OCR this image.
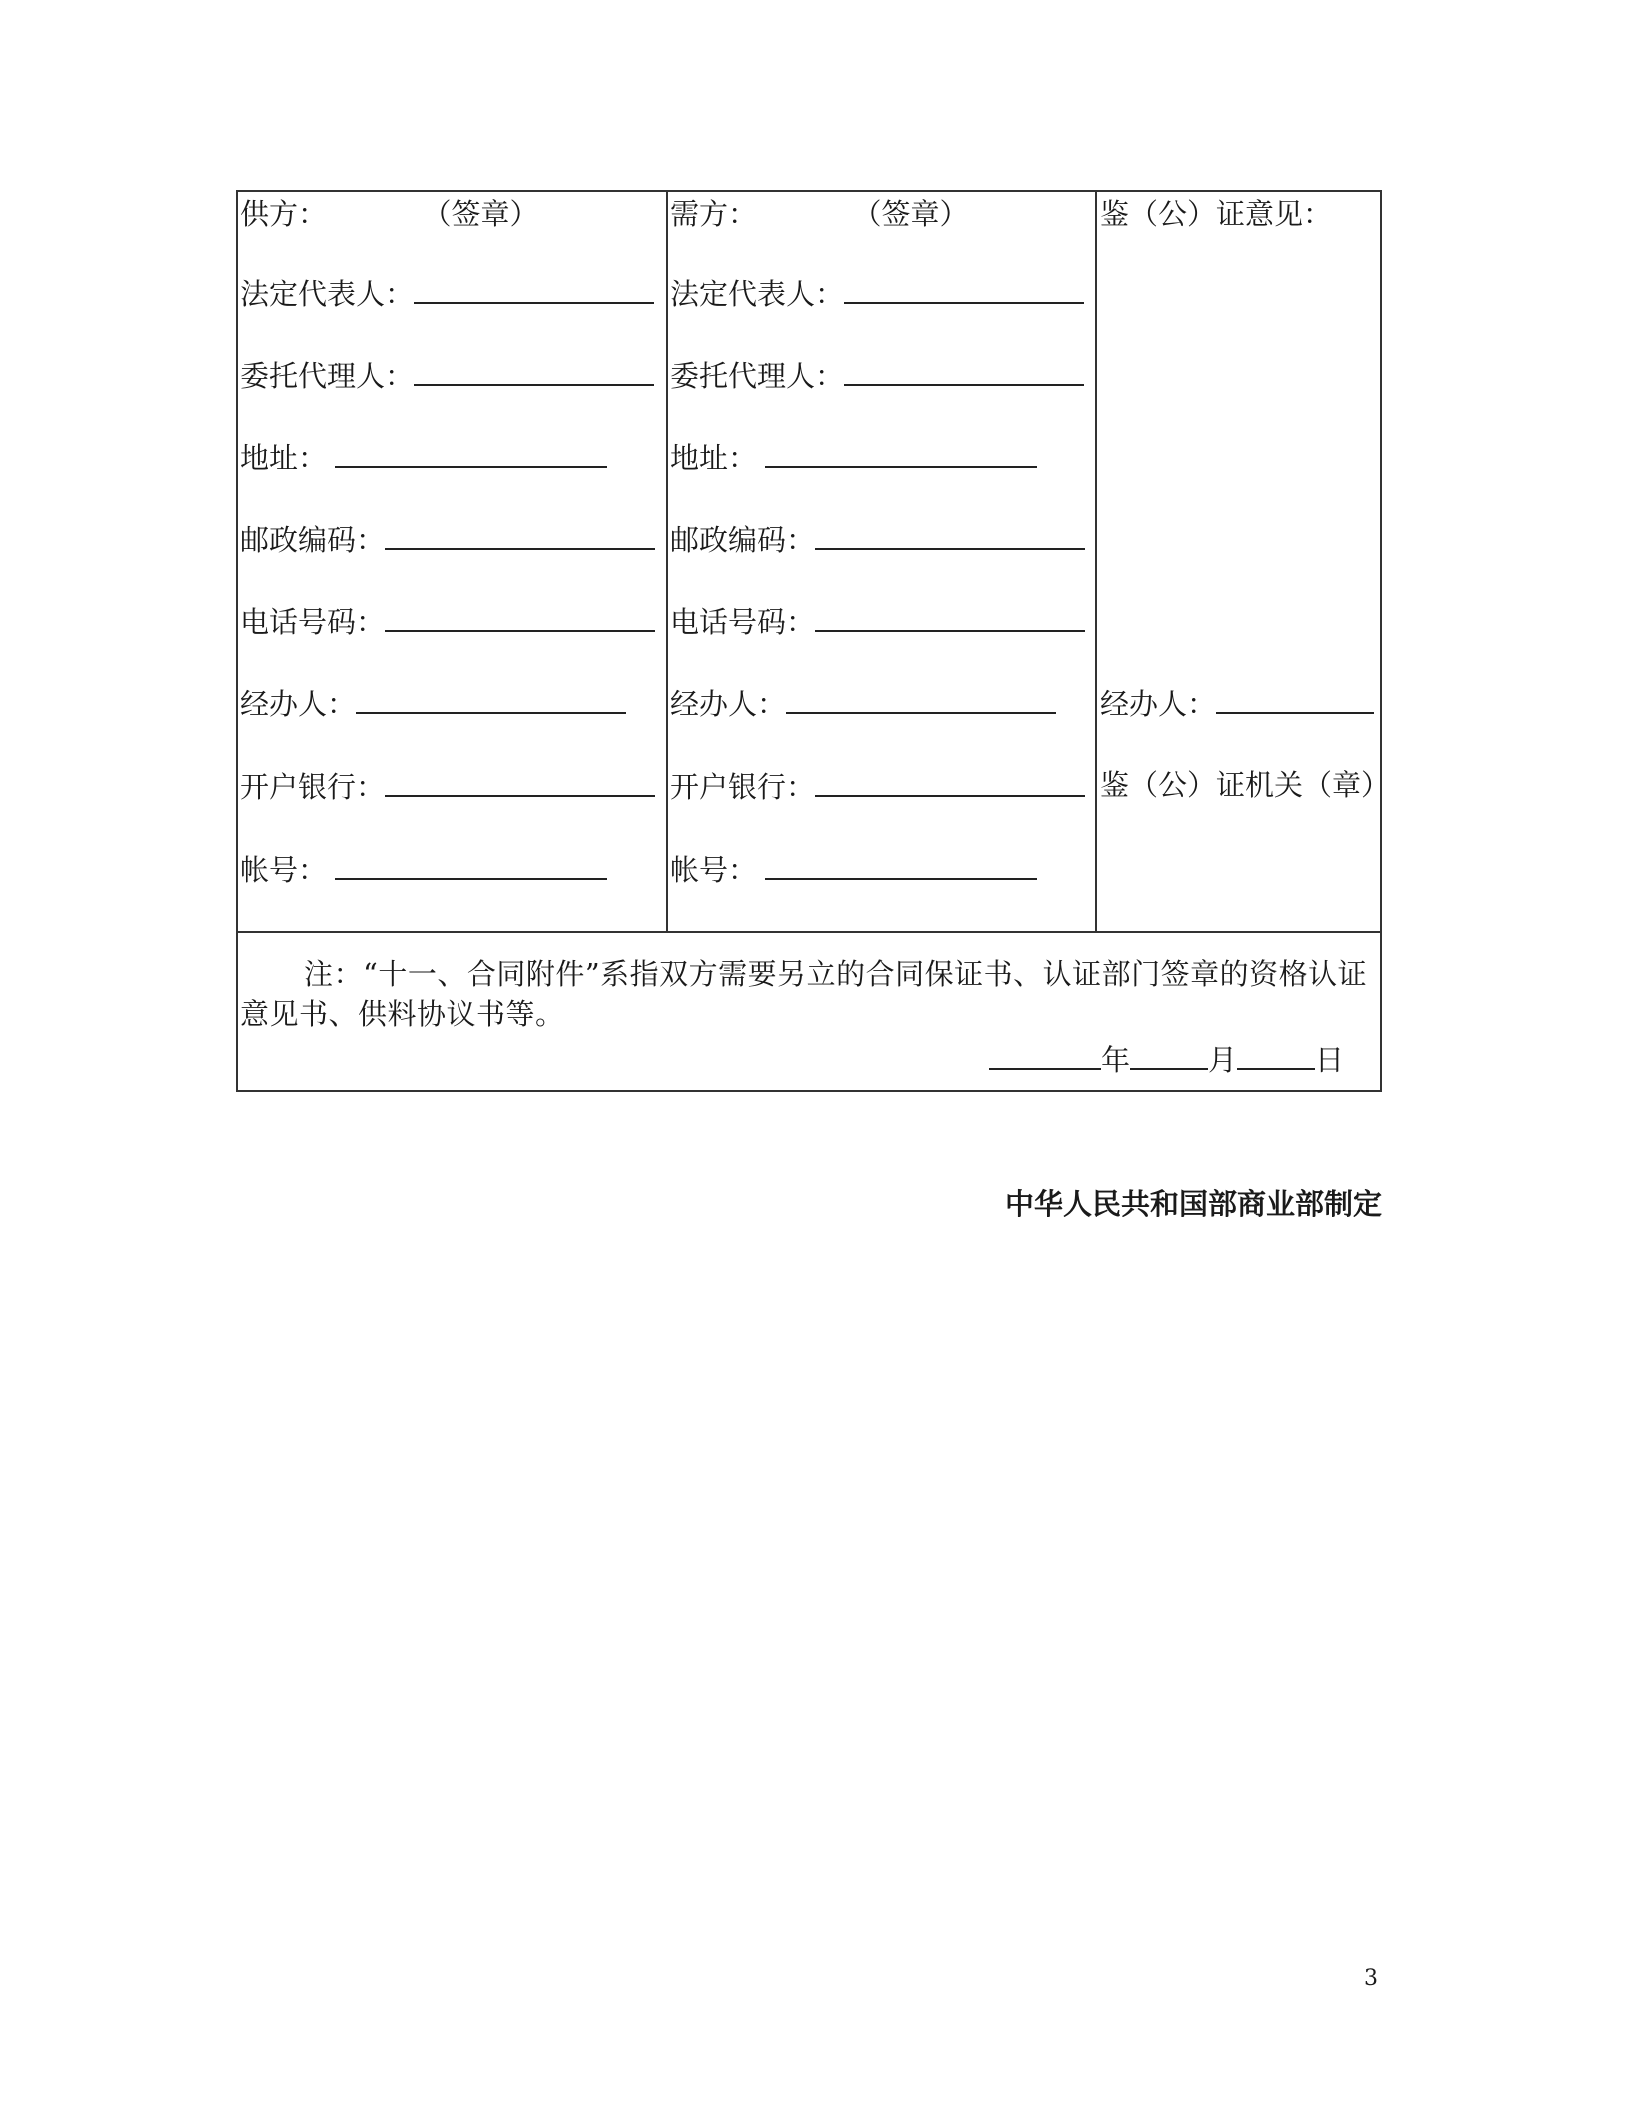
供方：	（签章）
法定代表人：
委托代理人：
地址：
邮政编码：
电话号码：
经办人：
开户银行：
帐号：
需方：	（签章）
法定代表人：
委托代理人：
地址：
邮政编码：
电话号码：
经办人：
开户银行：
帐号：
鉴（公）证意见：
经办人：
鉴（公）证机关（章）
注：“十一、合同附件”系指双方需要另立的合同保证书、认证部门签章的资格认证意见书、供料协议书等。
年	月	日
中华人民共和国部商业部制定
3
